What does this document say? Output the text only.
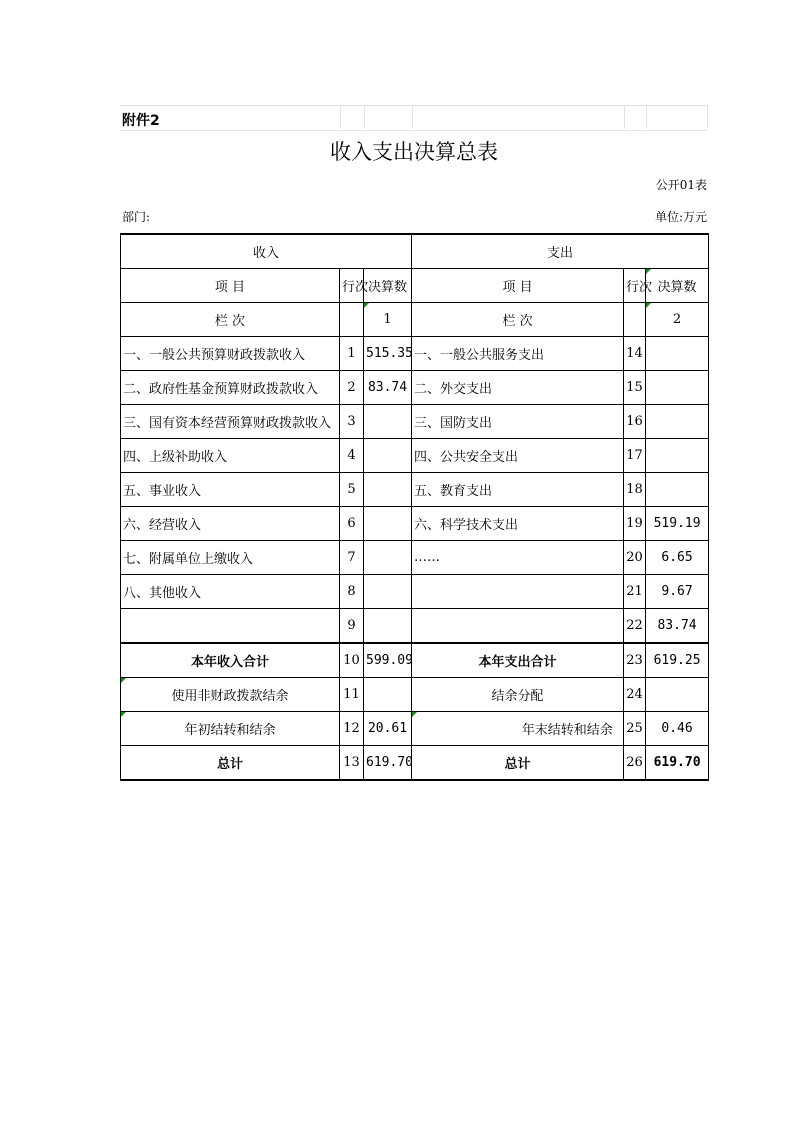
附件2
收入支出决算总表
公开01表
部门:	单位:万元
收入			支出		
项 目	行次	决算数	项 目	行次	决算数
栏 次		1	栏 次		2
一、一般公共预算财政拨款收入	1	515.35	一、一般公共服务支出	14	
二、政府性基金预算财政拨款收入	2	83.74	二、外交支出	15	
三、国有资本经营预算财政拨款收入	3		三、国防支出	16	
四、上级补助收入	4		四、公共安全支出	17	
五、事业收入	5		五、教育支出	18	
六、经营收入	6		六、科学技术支出	19	519.19
七、附属单位上缴收入	7		……	20	6.65
八、其他收入	8			21	9.67
	9			22	83.74
本年收入合计	10	599.09	本年支出合计	23	619.25

使用非财政拨款结余	11		结余分配	24	

年初结转和结余	12	20.61	年末结转和结余	25	0.46
总计	13	619.70	总计	26	619.70
